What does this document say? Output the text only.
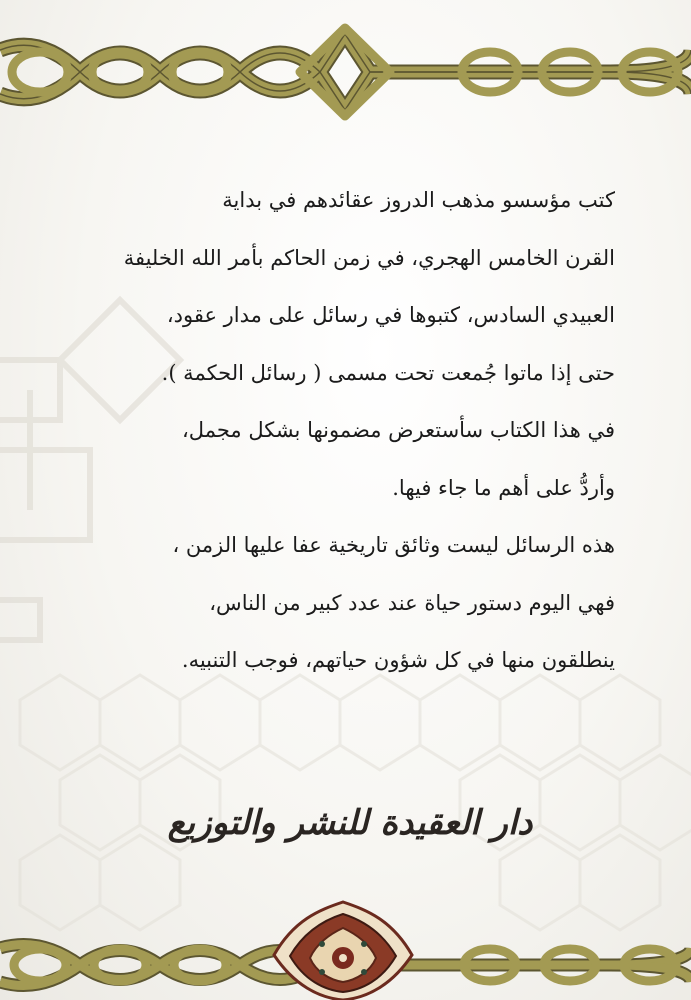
كتب مؤسسو مذهب الدروز عقائدهم في بداية
القرن الخامس الهجري، في زمن الحاكم بأمر الله الخليفة
العبيدي السادس، كتبوها في رسائل على مدار عقود،
حتى إذا ماتوا جُمعت تحت مسمى ( رسائل الحكمة ).
في هذا الكتاب سأستعرض مضمونها بشكل مجمل،
وأردُّ على أهم ما جاء فيها.
هذه الرسائل ليست وثائق تاريخية عفا عليها الزمن ،
فهي اليوم دستور حياة عند عدد كبير من الناس،
ينطلقون منها في كل شؤون حياتهم، فوجب التنبيه.
دار العقيدة للنشر والتوزيع
